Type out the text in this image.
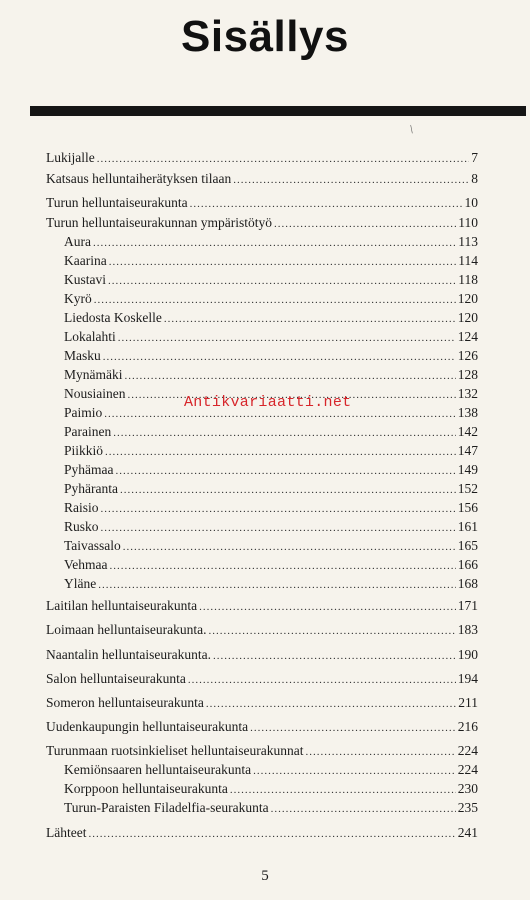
Sisällys
/
Lukijalle .....	7
Katsaus helluntaiherätyksen tilaan .....	8
Turun helluntaiseurakunta .....	10
Turun helluntaiseurakunnan ympäristötyö .....	110
Aura .....	113
Kaarina .....	114
Kustavi .....	118
Kyrö .....	120
Liedosta Koskelle .....	120
Lokalahti .....	124
Masku .....	126
Mynämäki .....	128
Nousiainen .....	132
Paimio .....	138
Parainen .....	142
Piikkiö .....	147
Pyhämaa .....	149
Pyhäranta .....	152
Raisio .....	156
Rusko .....	161
Taivassalo .....	165
Vehmaa .....	166
Yläne .....	168
Laitilan helluntaiseurakunta .....	171
Loimaan helluntaiseurakunta. .....	183
Naantalin helluntaiseurakunta. .....	190
Salon helluntaiseurakunta .....	194
Someron helluntaiseurakunta .....	211
Uudenkaupungin helluntaiseurakunta .....	216
Turunmaan ruotsinkieliset helluntaiseurakunnat .....	224
Kemiönsaaren helluntaiseurakunta .....	224
Korppoon helluntaiseurakunta .....	230
Turun-Paraisten Filadelfia-seurakunta .....	235
Lähteet .....	241
Antikvariaatti.net
5
